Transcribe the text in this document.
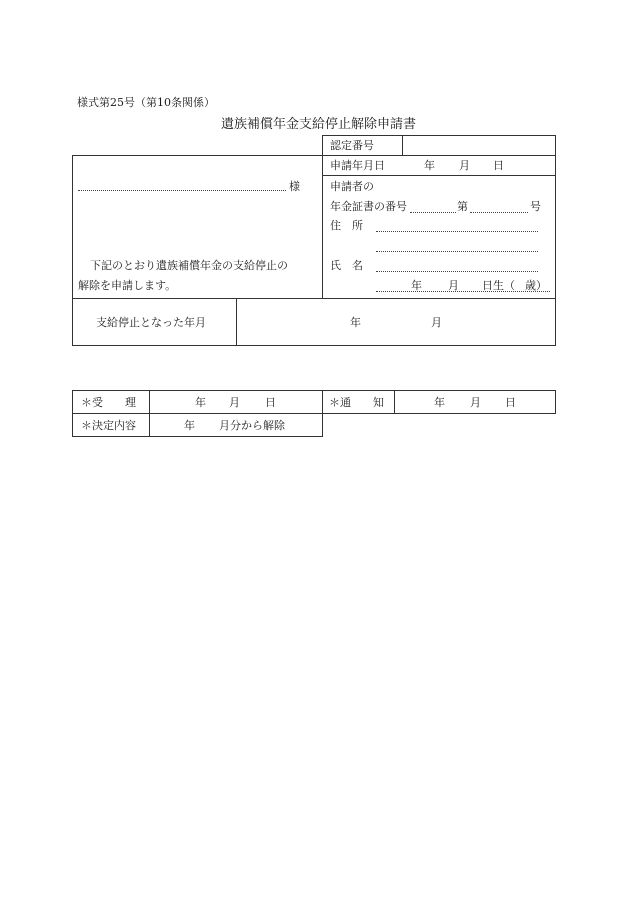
様式第25号（第10条関係）
遺族補償年金支給停止解除申請書
認定番号
様
下記のとおり遺族補償年金の支給停止の
解除を申請します。
申請年月日	年 月 日
申請者の
年金証書の番号	第	号
住　所
氏　名
年 月 日生（ 歳）
支給停止となった年月	年	月
＊受　　理	年 月 日	＊通　　知	年 月 日
＊決定内容	年 月分から解除
